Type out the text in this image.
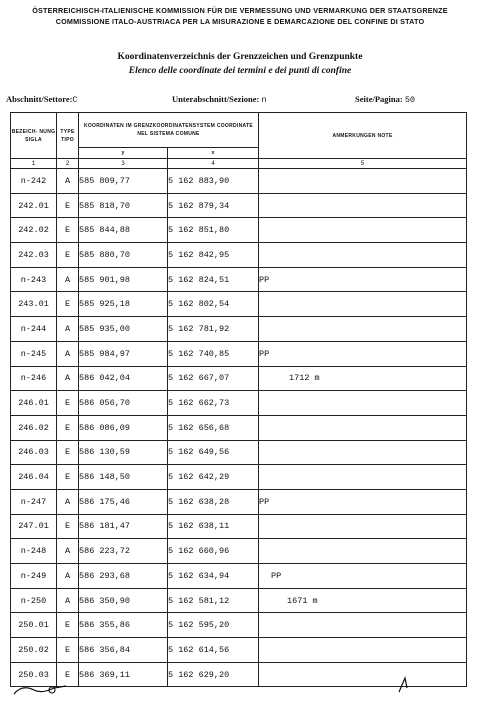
ÖSTERREICHISCH-ITALIENISCHE KOMMISSION FÜR DIE VERMESSUNG UND VERMARKUNG DER STAATSGRENZE
COMMISSIONE ITALO-AUSTRIACA PER LA MISURAZIONE E DEMARCAZIONE DEL CONFINE DI STATO
Koordinatenverzeichnis der Grenzzeichen und Grenzpunkte
Elenco delle coordinate dei termini e dei punti di confine
Abschnitt/Settore:C	Unterabschnitt/Sezione: n	Seite/Pagina: 50
BEZEICH- NUNG SIGLA	TYPE TIPO	KOORDINATEN IM GRENZKOORDINATENSYSTEM COORDINATE NEL SISTEMA COMUNE		ANMERKUNGEN NOTE
		y	x	
1	2	3	4	5
n-242	A	585 809,77	5 162 883,90	
242.01	E	585 818,70	5 162 879,34	
242.02	E	585 844,88	5 162 851,80	
242.03	E	585 880,70	5 162 842,95	
n-243	A	585 901,98	5 162 824,51	PP
243.01	E	585 925,18	5 162 802,54	
n-244	A	585 935,00	5 162 781,92	
n-245	A	585 984,97	5 162 740,85	PP
n-246	A	586 042,04	5 162 667,07	1712 m
246.01	E	586 056,70	5 162 662,73	
246.02	E	586 086,09	5 162 656,68	
246.03	E	586 130,59	5 162 649,56	
246.04	E	586 148,50	5 162 642,29	
n-247	A	586 175,46	5 162 638,28	PP
247.01	E	586 181,47	5 162 638,11	
n-248	A	586 223,72	5 162 660,96	
n-249	A	586 293,68	5 162 634,94	PP
n-250	A	586 350,90	5 162 581,12	1671 m
250.01	E	586 355,86	5 162 595,20	
250.02	E	586 356,84	5 162 614,56	
250.03	E	586 369,11	5 162 629,20	
